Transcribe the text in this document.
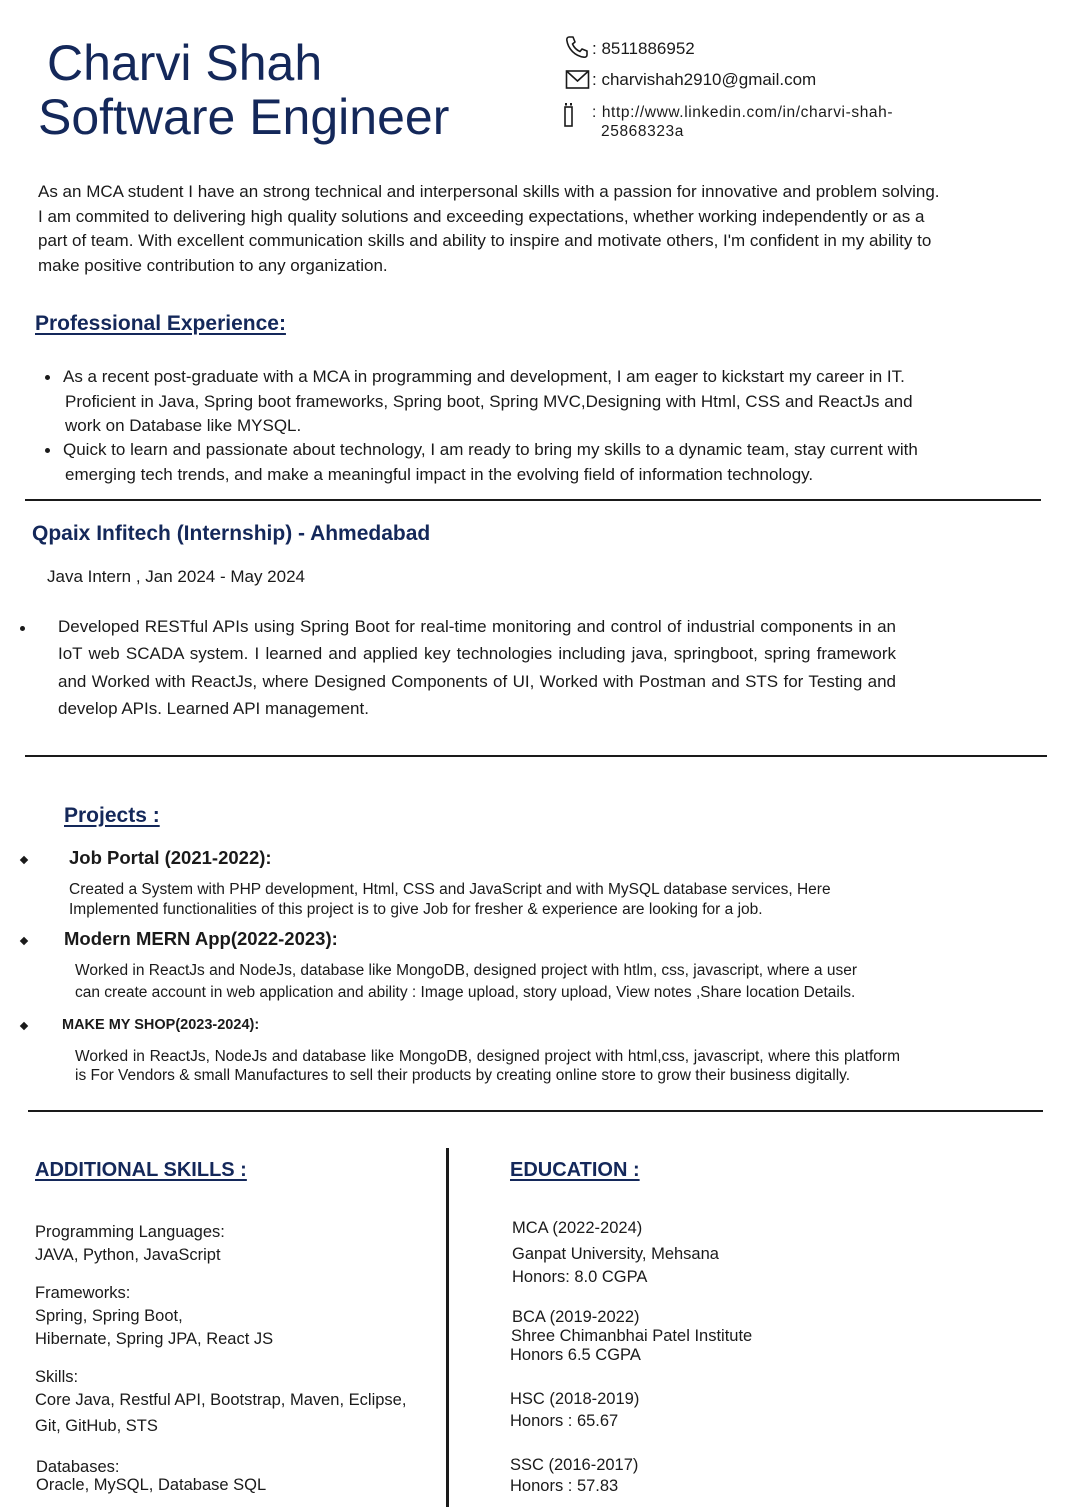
Charvi Shah
Software Engineer
: 8511886952
: charvishah2910@gmail.com
: http://www.linkedin.com/in/charvi-shah-
25868323a
As an MCA student I have an strong technical and interpersonal skills with a passion for innovative and problem solving.
I am commited to delivering high quality solutions and exceeding expectations, whether working independently or as a
part of team. With excellent communication skills and ability to inspire and motivate others, I'm confident in my ability to
make positive contribution to any organization.
Professional Experience:
As a recent post-graduate with a MCA in programming and development, I am eager to kickstart my career in IT.
Proficient in Java, Spring boot frameworks, Spring boot, Spring MVC,Designing with Html, CSS and ReactJs and
work on Database like MYSQL.
Quick to learn and passionate about technology, I am ready to bring my skills to a dynamic team, stay current with
emerging tech trends, and make a meaningful impact in the evolving field of information technology.
Qpaix Infitech (Internship) - Ahmedabad
Java Intern , Jan 2024 - May 2024
Developed RESTful APIs using Spring Boot for real-time monitoring and control of industrial components in an IoT web SCADA system. I learned and applied key technologies including java, springboot, spring framework and Worked with ReactJs, where Designed Components of UI, Worked with Postman and STS for Testing and develop APIs. Learned API management.
Projects :
Job Portal (2021-2022):
Created a System with PHP development, Html, CSS and JavaScript and with MySQL database services, Here
Implemented functionalities of this project is to give Job for fresher & experience are looking for a job.
Modern MERN App(2022-2023):
Worked in ReactJs and NodeJs, database like MongoDB, designed project with htlm, css, javascript, where a user
can create account in web application and ability : Image upload, story upload, View notes ,Share location Details.
MAKE MY SHOP(2023-2024):
Worked in ReactJs, NodeJs and database like MongoDB, designed project with html,css, javascript, where this platform is For Vendors & small Manufactures to sell their products by creating online store to grow their business digitally.
ADDITIONAL SKILLS :
Programming Languages:
JAVA, Python, JavaScript
Frameworks:
Spring, Spring Boot,
Hibernate, Spring JPA, React JS
Skills:
Core Java, Restful API, Bootstrap, Maven, Eclipse,
Git, GitHub, STS
Databases:
Oracle, MySQL, Database SQL
EDUCATION :
MCA (2022-2024)
Ganpat University, Mehsana
Honors: 8.0 CGPA
BCA (2019-2022)
Shree Chimanbhai Patel Institute
Honors 6.5 CGPA
HSC (2018-2019)
Honors : 65.67
SSC (2016-2017)
Honors : 57.83
